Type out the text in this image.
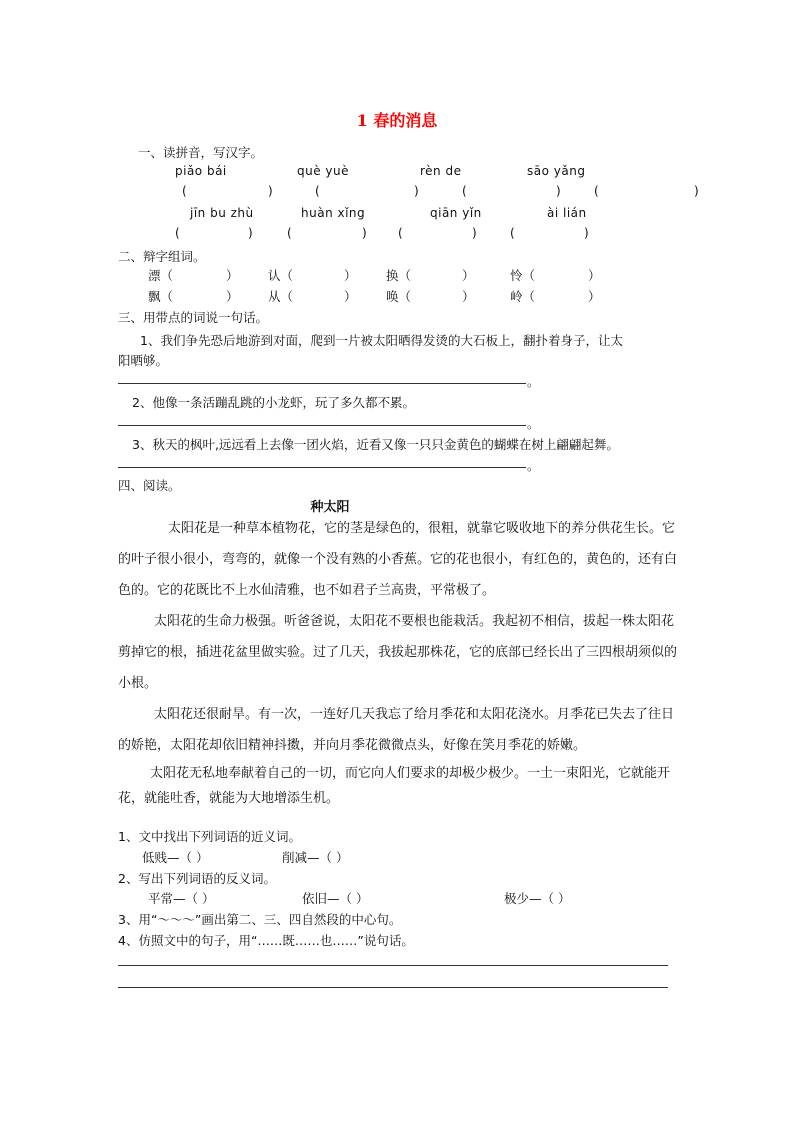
1 春的消息
一、读拼音，写汉字。
piǎo bái	què yuè	rèn de	sāo yǎng
(	)	(	)	(	)	(	)
jīn bu zhù	huàn xǐng	qiān yǐn	ài lián
(	)	(	)	(	)	(	)
二、辩字组词。
漂（	） 认（	） 换（	）	怜（	）
飘（	） 从（	） 唤（	）	岭（	）
三、用带点的词说一句话。
1、我们争先恐后地游到对面，爬到一片被太阳晒得发烫的大石板上，翻扑着身子，让太
阳晒够。
。
2、他像一条活蹦乱跳的小龙虾，玩了多久都不累。
。
3、秋天的枫叶,远远看上去像一团火焰，近看又像一只只金黄色的蝴蝶在树上翩翩起舞。
。
四、阅读。
种太阳
太阳花是一种草本植物花，它的茎是绿色的，很粗，就靠它吸收地下的养分供花生长。它的叶子很小很小，弯弯的，就像一个没有熟的小香蕉。它的花也很小，有红色的，黄色的，还有白色的。它的花既比不上水仙清雅，也不如君子兰高贵，平常极了。
太阳花的生命力极强。听爸爸说，太阳花不要根也能栽活。我起初不相信，拔起一株太阳花剪掉它的根，插进花盆里做实验。过了几天，我拔起那株花，它的底部已经长出了三四根胡须似的小根。
太阳花还很耐旱。有一次，一连好几天我忘了给月季花和太阳花浇水。月季花已失去了往日的娇艳，太阳花却依旧精神抖擞，并向月季花微微点头，好像在笑月季花的娇嫩。
太阳花无私地奉献着自己的一切，而它向人们要求的却极少极少。一土一束阳光，它就能开花，就能吐香，就能为大地增添生机。
1、文中找出下列词语的近义词。
低贱—（ ）	削减—（ ）
2、写出下列词语的反义词。
平常—（ ）	依旧—（ ）	极少—（ ）
3、用“～～～”画出第二、三、四自然段的中心句。
4、仿照文中的句子，用“……既……也……”说句话。
